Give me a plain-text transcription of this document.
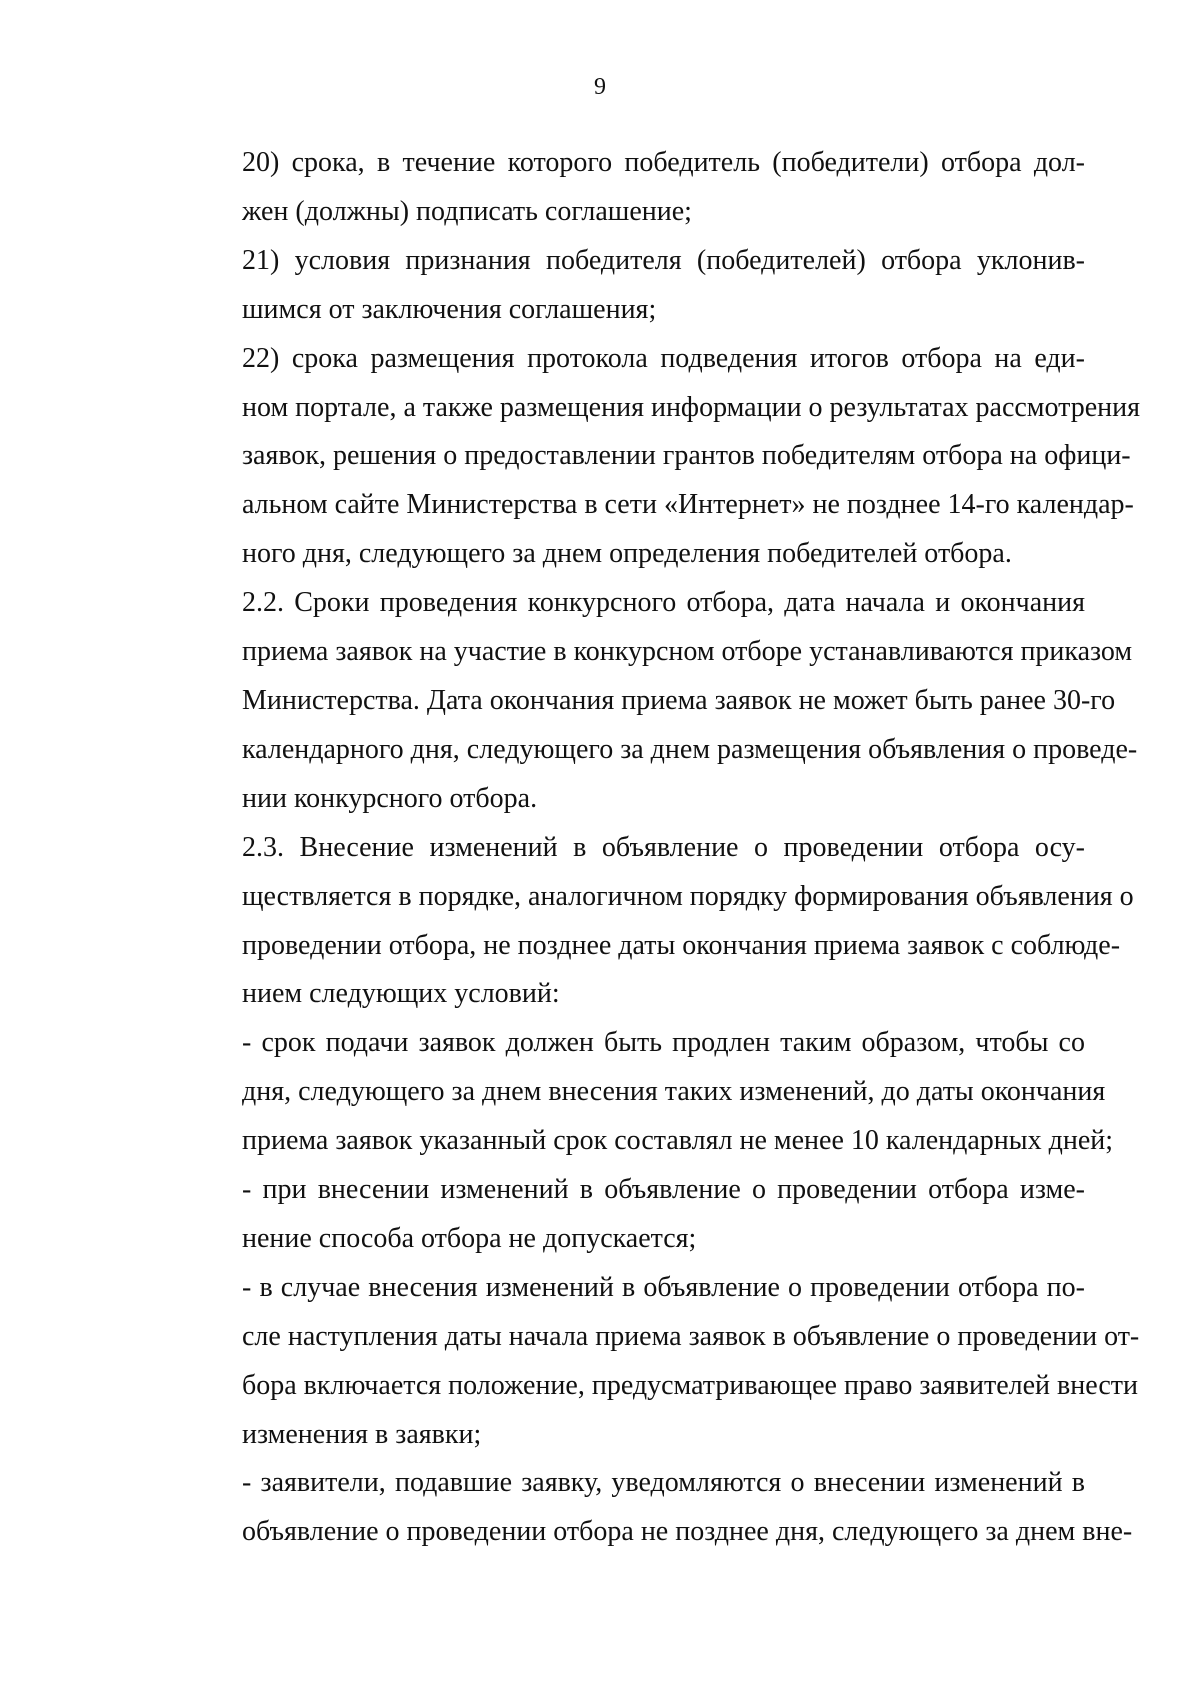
9

20) срока, в течение которого победитель (победители) отбора дол-
жен (должны) подписать соглашение;

21) условия признания победителя (победителей) отбора уклонив-
шимся от заключения соглашения;

22) срока размещения протокола подведения итогов отбора на еди-
ном портале, а также размещения информации о результатах рассмотрения
заявок, решения о предоставлении грантов победителям отбора на офици-
альном сайте Министерства в сети «Интернет» не позднее 14-го календар-
ного дня, следующего за днем определения победителей отбора.

2.2. Сроки проведения конкурсного отбора, дата начала и окончания
приема заявок на участие в конкурсном отборе устанавливаются приказом
Министерства. Дата окончания приема заявок не может быть ранее 30-го
календарного дня, следующего за днем размещения объявления о проведе-
нии конкурсного отбора.

2.3. Внесение изменений в объявление о проведении отбора осу-
ществляется в порядке, аналогичном порядку формирования объявления о
проведении отбора, не позднее даты окончания приема заявок с соблюде-
нием следующих условий:

- срок подачи заявок должен быть продлен таким образом, чтобы со
дня, следующего за днем внесения таких изменений, до даты окончания
приема заявок указанный срок составлял не менее 10 календарных дней;

- при внесении изменений в объявление о проведении отбора изме-
нение способа отбора не допускается;

- в случае внесения изменений в объявление о проведении отбора по-
сле наступления даты начала приема заявок в объявление о проведении от-
бора включается положение, предусматривающее право заявителей внести
изменения в заявки;

- заявители, подавшие заявку, уведомляются о внесении изменений в
объявление о проведении отбора не позднее дня, следующего за днем вне-
